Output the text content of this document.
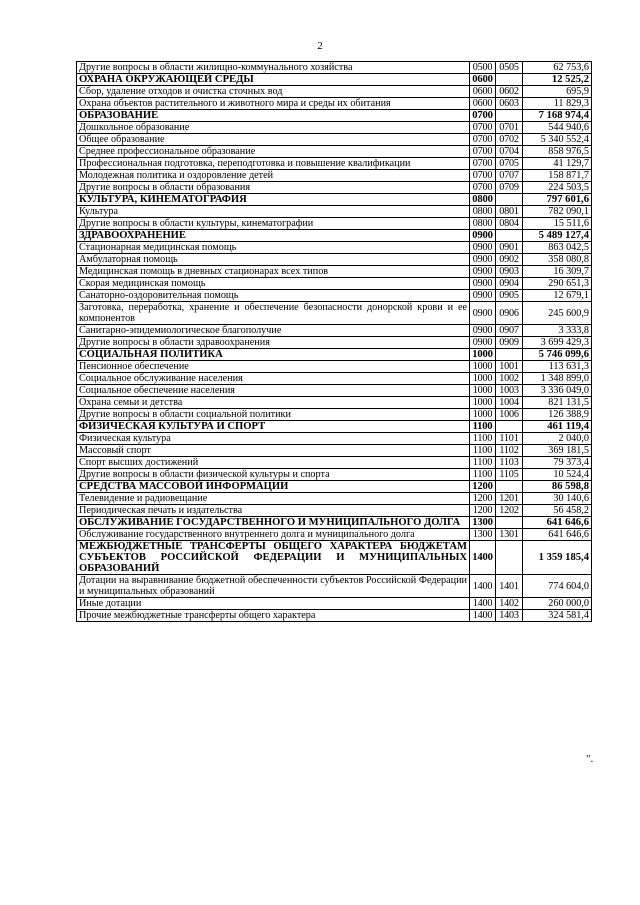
2
Другие вопросы в области жилищно-коммунального хозяйства	0500	0505	62 753,6
ОХРАНА ОКРУЖАЮЩЕЙ СРЕДЫ	0600		12 525,2
Сбор, удаление отходов и очистка сточных вод	0600	0602	695,9
Охрана объектов растительного и животного мира и среды их обитания	0600	0603	11 829,3
ОБРАЗОВАНИЕ	0700		7 168 974,4
Дошкольное образование	0700	0701	544 940,6
Общее образование	0700	0702	5 340 552,4
Среднее профессиональное образование	0700	0704	858 976,5
Профессиональная подготовка, переподготовка и повышение квалификации	0700	0705	41 129,7
Молодежная политика и оздоровление детей	0700	0707	158 871,7
Другие вопросы в области образования	0700	0709	224 503,5
КУЛЬТУРА, КИНЕМАТОГРАФИЯ	0800		797 601,6
Культура	0800	0801	782 090,1
Другие вопросы в области культуры, кинематографии	0800	0804	15 511,6
ЗДРАВООХРАНЕНИЕ	0900		5 489 127,4
Стационарная медицинская помощь	0900	0901	863 042,5
Амбулаторная помощь	0900	0902	358 080,8
Медицинская помощь в дневных стационарах всех типов	0900	0903	16 309,7
Скорая медицинская помощь	0900	0904	290 651,3
Санаторно-оздоровительная помощь	0900	0905	12 679,1
Заготовка, переработка, хранение и обеспечение безопасности донорской крови и ее компонентов	0900	0906	245 600,9
Санитарно-эпидемиологическое благополучие	0900	0907	3 333,8
Другие вопросы в области здравоохранения	0900	0909	3 699 429,3
СОЦИАЛЬНАЯ ПОЛИТИКА	1000		5 746 099,6
Пенсионное обеспечение	1000	1001	113 631,3
Социальное обслуживание населения	1000	1002	1 348 899,0
Социальное обеспечение населения	1000	1003	3 336 049,0
Охрана семьи и детства	1000	1004	821 131,5
Другие вопросы в области социальной политики	1000	1006	126 388,9
ФИЗИЧЕСКАЯ КУЛЬТУРА И СПОРТ	1100		461 119,4
Физическая культура	1100	1101	2 040,0
Массовый спорт	1100	1102	369 181,5
Спорт высших достижений	1100	1103	79 373,4
Другие вопросы в области физической культуры и спорта	1100	1105	10 524,4
СРЕДСТВА МАССОВОЙ ИНФОРМАЦИИ	1200		86 598,8
Телевидение и радиовещание	1200	1201	30 140,6
Периодическая печать и издательства	1200	1202	56 458,2
ОБСЛУЖИВАНИЕ ГОСУДАРСТВЕННОГО И МУНИЦИПАЛЬНОГО ДОЛГА	1300		641 646,6
Обслуживание государственного внутреннего долга и муниципального долга	1300	1301	641 646,6
МЕЖБЮДЖЕТНЫЕ ТРАНСФЕРТЫ ОБЩЕГО ХАРАКТЕРА БЮДЖЕТАМ СУБЪЕКТОВ РОССИЙСКОЙ ФЕДЕРАЦИИ И МУНИЦИПАЛЬНЫХ ОБРАЗОВАНИЙ	1400		1 359 185,4
Дотации на выравнивание бюджетной обеспеченности субъектов Российской Федерации и муниципальных образований	1400	1401	774 604,0
Иные дотации	1400	1402	260 000,0
Прочие межбюджетные трансферты общего характера	1400	1403	324 581,4
".
